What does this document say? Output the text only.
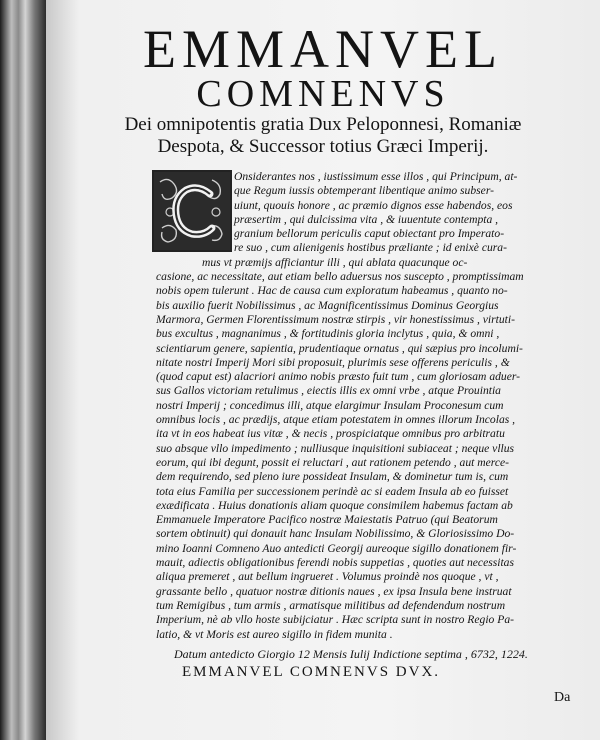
EMMANVEL
COMNENVS
Dei omnipotentis gratia Dux Peloponnesi, Romaniæ
Despota, & Successor totius Græci Imperij.
Onsiderantes nos , iustissimum esse illos , qui Principum, at-
que Regum iussis obtemperant libentique animo subser-
uiunt, quouis honore , ac præmio dignos esse habendos, eos
præsertim , qui dulcissima vita , & iuuentute contempta ,
granium bellorum periculis caput obiectant pro Imperato-
re suo , cum alienigenis hostibus præliante ; id enixè cura-
mus vt præmijs afficiantur illi , qui ablata quacunque oc-
casione, ac necessitate, aut etiam bello aduersus nos suscepto , promptissimam
nobis opem tulerunt . Hac de causa cum exploratum habeamus , quanto no-
bis auxilio fuerit Nobilissimus , ac Magnificentissimus Dominus Georgius
Marmora, Germen Florentissimum nostræ stirpis , vir honestissimus , virtuti-
bus excultus , magnanimus , & fortitudinis gloria inclytus , quia, & omni ,
scientiarum genere, sapientia, prudentiaque ornatus , qui sæpius pro incolumi-
nitate nostri Imperij Mori sibi proposuit, plurimis sese offerens periculis , &
(quod caput est) alacriori animo nobis præsto fuit tum , cum gloriosam aduer-
sus Gallos victoriam retulimus , eiectis illis ex omni vrbe , atque Prouintia
nostri Imperij ; concedimus illi, atque elargimur Insulam Proconesum cum
omnibus locis , ac prædijs, atque etiam potestatem in omnes illorum Incolas ,
ita vt in eos habeat ius vitæ , & necis , prospiciatque omnibus pro arbitratu
suo absque vllo impedimento ; nulliusque inquisitioni subiaceat ; neque vllus
eorum, qui ibi degunt, possit ei reluctari , aut rationem petendo , aut merce-
dem requirendo, sed pleno iure possideat Insulam, & dominetur tum is, cum
tota eius Familia per successionem perindè ac si eadem Insula ab eo fuisset
exædificata . Huius donationis aliam quoque consimilem habemus factam ab
Emmanuele Imperatore Pacifico nostræ Maiestatis Patruo (qui Beatorum
sortem obtinuit) qui donauit hanc Insulam Nobilissimo, & Gloriosissimo Do-
mino Ioanni Comneno Auo antedicti Georgij aureoque sigillo donationem fir-
mauit, adiectis obligationibus ferendi nobis suppetias , quoties aut necessitas
aliqua premeret , aut bellum ingrueret . Volumus proindè nos quoque , vt ,
grassante bello , quatuor nostræ ditionis naues , ex ipsa Insula bene instruat
tum Remigibus , tum armis , armatisque militibus ad defendendum nostrum
Imperium, nè ab vllo hoste subijciatur . Hæc scripta sunt in nostro Regio Pa-
latio, & vt Moris est aureo sigillo in fidem munita .
Datum antedicto Giorgio 12 Mensis Iulij Indictione septima , 6732, 1224.
EMMANVEL COMNENVS DVX.
Da
